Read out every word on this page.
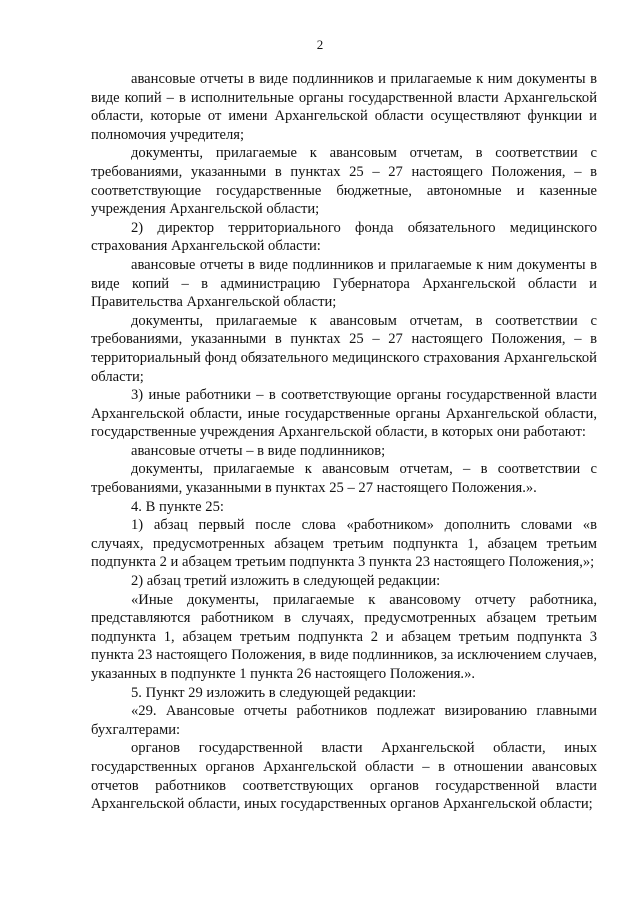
2

авансовые отчеты в виде подлинников и прилагаемые к ним документы в виде копий – в исполнительные органы государственной власти Архангельской области, которые от имени Архангельской области осуществляют функции и полномочия учредителя;

документы, прилагаемые к авансовым отчетам, в соответствии с требованиями, указанными в пунктах 25 – 27 настоящего Положения, – в соответствующие государственные бюджетные, автономные и казенные учреждения Архангельской области;

2) директор территориального фонда обязательного медицинского страхования Архангельской области:

авансовые отчеты в виде подлинников и прилагаемые к ним документы в виде копий – в администрацию Губернатора Архангельской области и Правительства Архангельской области;

документы, прилагаемые к авансовым отчетам, в соответствии с требованиями, указанными в пунктах 25 – 27 настоящего Положения, – в территориальный фонд обязательного медицинского страхования Архангельской области;

3) иные работники – в соответствующие органы государственной власти Архангельской области, иные государственные органы Архангельской области, государственные учреждения Архангельской области, в которых они работают:

авансовые отчеты – в виде подлинников;

документы, прилагаемые к авансовым отчетам, – в соответствии с требованиями, указанными в пунктах 25 – 27 настоящего Положения.».

4. В пункте 25:

1) абзац первый после слова «работником» дополнить словами «в случаях, предусмотренных абзацем третьим подпункта 1, абзацем третьим подпункта 2 и абзацем третьим подпункта 3 пункта 23 настоящего Положения,»;

2) абзац третий изложить в следующей редакции:

«Иные документы, прилагаемые к авансовому отчету работника, представляются работником в случаях, предусмотренных абзацем третьим подпункта 1, абзацем третьим подпункта 2 и абзацем третьим подпункта 3 пункта 23 настоящего Положения, в виде подлинников, за исключением случаев, указанных в подпункте 1 пункта 26 настоящего Положения.».

5. Пункт 29 изложить в следующей редакции:

«29. Авансовые отчеты работников подлежат визированию главными бухгалтерами:

органов государственной власти Архангельской области, иных государственных органов Архангельской области – в отношении авансовых отчетов работников соответствующих органов государственной власти Архангельской области, иных государственных органов Архангельской области;
